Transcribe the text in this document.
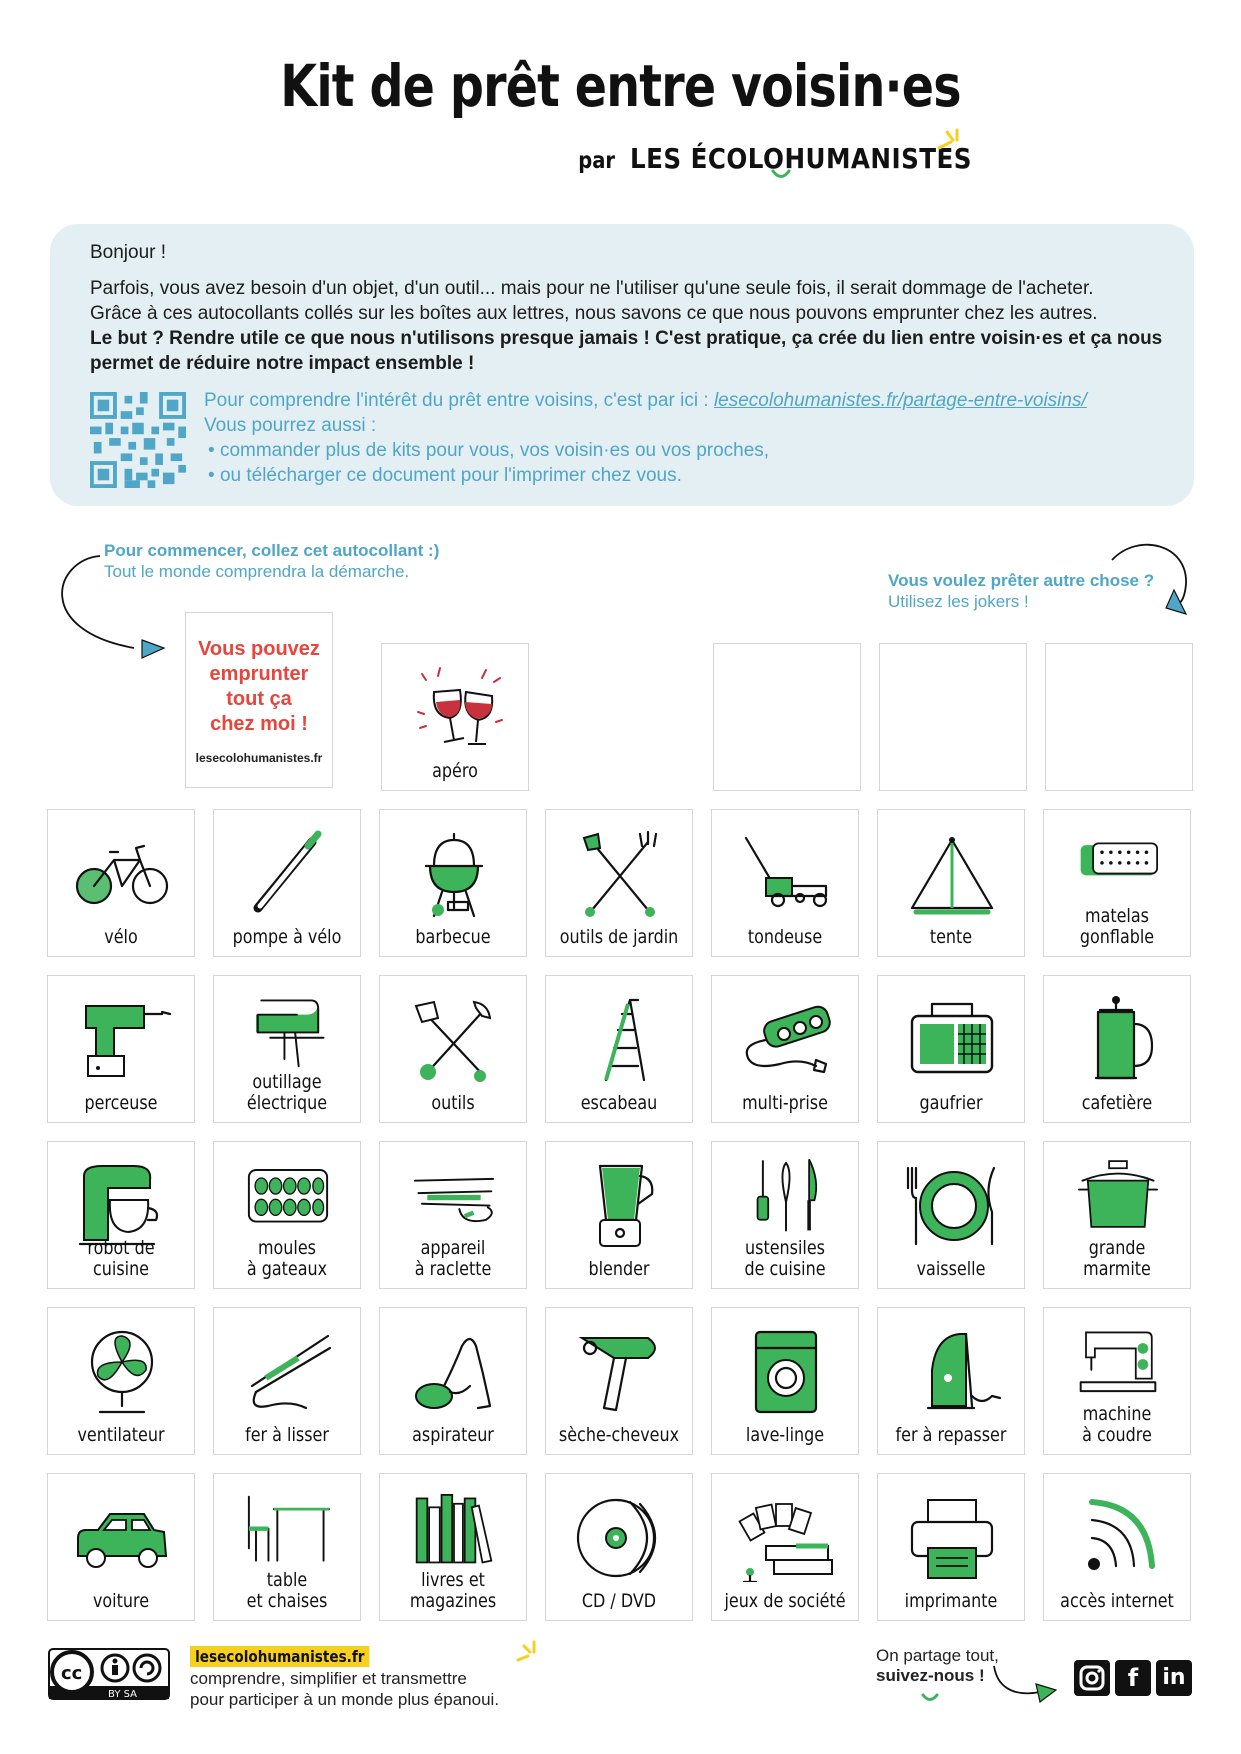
Kit de prêt entre voisin·es
par LES ÉCOLOHUMANISTES

Bonjour !

Parfois, vous avez besoin d'un objet, d'un outil... mais pour ne l'utiliser qu'une seule fois, il serait dommage de l'acheter.

Grâce à ces autocollants collés sur les boîtes aux lettres, nous savons ce que nous pouvons emprunter chez les autres.

Le but ? Rendre utile ce que nous n'utilisons presque jamais ! C'est pratique, ça crée du lien entre voisin·es et ça nous

permet de réduire notre impact ensemble !

Pour comprendre l'intérêt du prêt entre voisins, c'est par ici : lesecolohumanistes.fr/partage-entre-voisins/

Vous pourrez aussi :

• commander plus de kits pour vous, vos voisin·es ou vos proches,

• ou télécharger ce document pour l'imprimer chez vous.

Pour commencer, collez cet autocollant :)
Tout le monde comprendra la démarche.	Vous voulez prêter autre chose ?
Utilisez les jokers !
Vous pouvez
emprunter
tout ça
chez moi !
lesecolohumanistes.fr
apéro
vélo	pompe à vélo	barbecue	outils de jardin	tondeuse	tente
matelas
gonflable
perceuse
outillage
électrique	outils	escabeau	multi-prise	gaufrier	cafetière
robot de cuisine
moules
à gateaux
appareil
à raclette	blender
ustensiles
de cuisine	vaisselle
grande
marmite
ventilateur	fer à lisser	aspirateur	sèche-cheveux	lave-linge	fer à repasser
machine
à coudre
voiture
table
et chaises
livres et
magazines	CD / DVD	jeux de société	imprimante	accès internet
cc
BY SA
lesecolohumanistes.fr
comprendre, simplifier et transmettre
pour participer à un monde plus épanoui.
On partage tout,
suivez-nous !	f	in
